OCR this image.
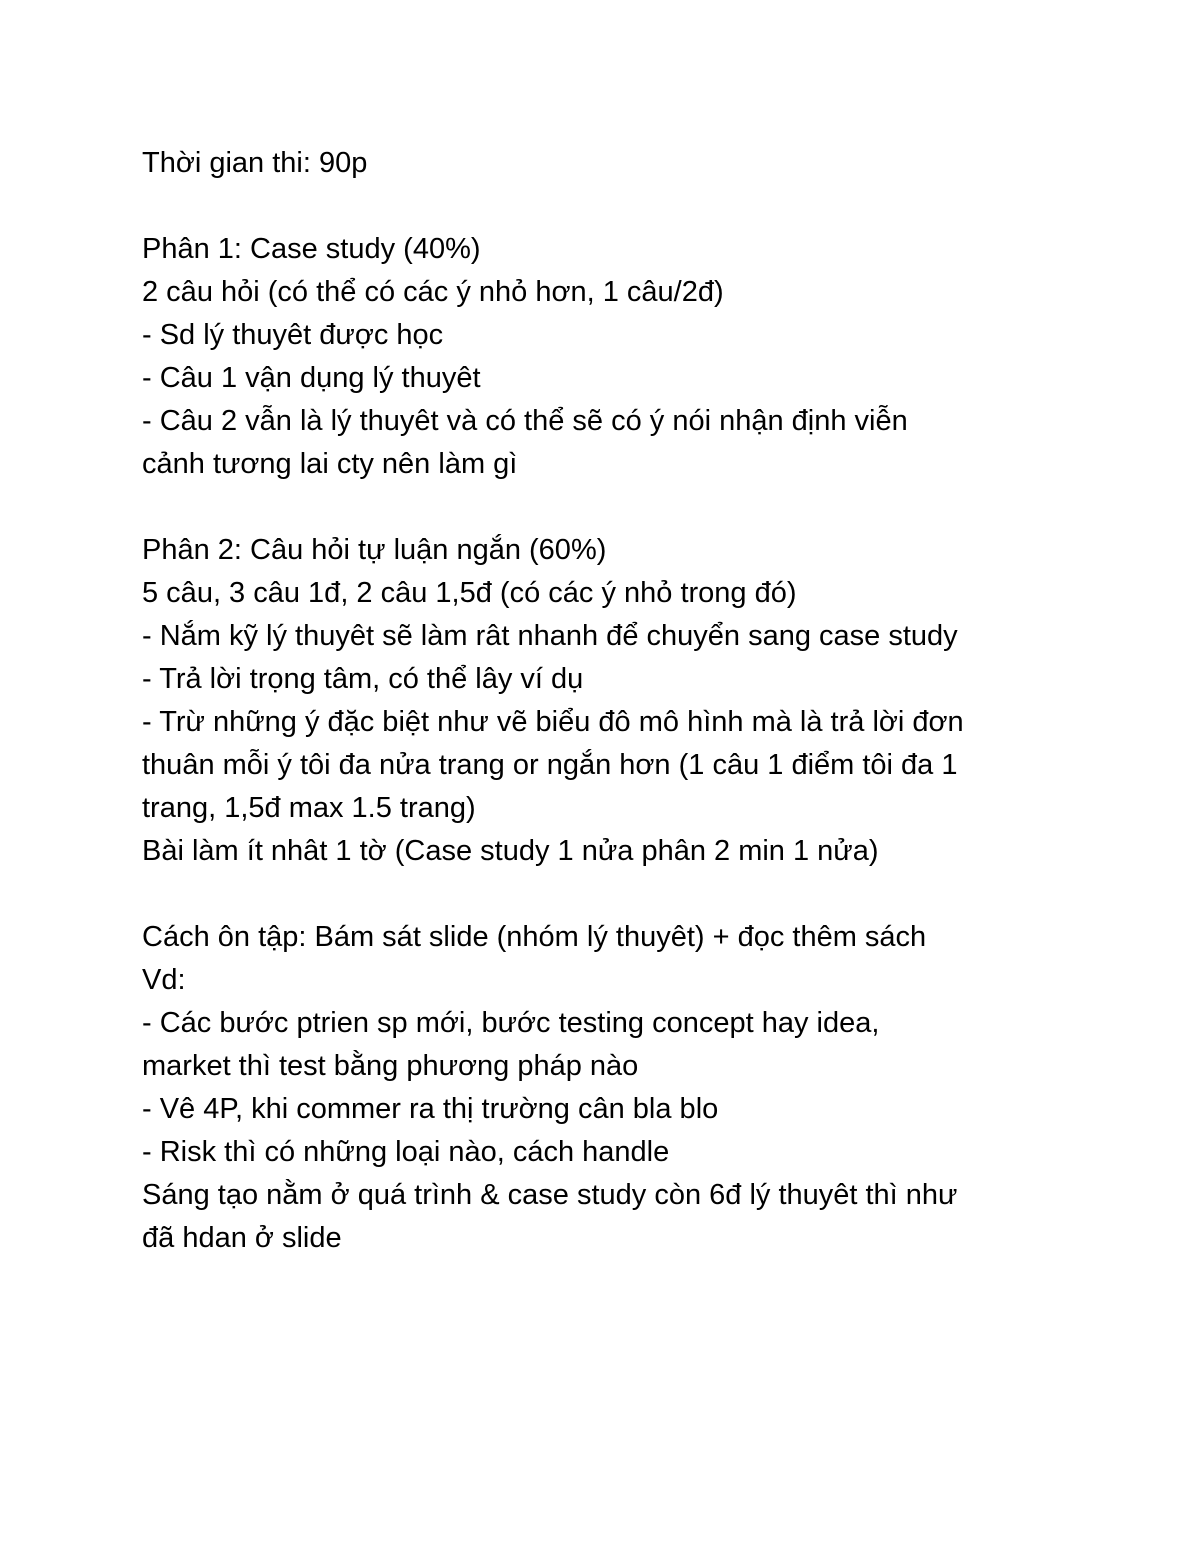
Thời gian thi: 90p
Phân 1: Case study (40%)
2 câu hỏi (có thể có các ý nhỏ hơn, 1 câu/2đ)
- Sd lý thuyêt được học
- Câu 1 vận dụng lý thuyêt
- Câu 2 vẫn là lý thuyêt và có thể sẽ có ý nói nhận định viễn
cảnh tương lai cty nên làm gì
Phân 2: Câu hỏi tự luận ngắn (60%)
5 câu, 3 câu 1đ, 2 câu 1,5đ (có các ý nhỏ trong đó)
- Nắm kỹ lý thuyêt sẽ làm rât nhanh để chuyển sang case study
- Trả lời trọng tâm, có thể lây ví dụ
- Trừ những ý đặc biệt như vẽ biểu đô mô hình mà là trả lời đơn
thuân mỗi ý tôi đa nửa trang or ngắn hơn (1 câu 1 điểm tôi đa 1
trang, 1,5đ max 1.5 trang)
Bài làm ít nhât 1 tờ (Case study 1 nửa phân 2 min 1 nửa)
Cách ôn tập: Bám sát slide (nhóm lý thuyêt) + đọc thêm sách
Vd:
- Các bước ptrien sp mới, bước testing concept hay idea,
market thì test bằng phương pháp nào
- Vê 4P, khi commer ra thị trường cân bla blo
- Risk thì có những loại nào, cách handle
Sáng tạo nằm ở quá trình & case study còn 6đ lý thuyêt thì như
đã hdan ở slide
